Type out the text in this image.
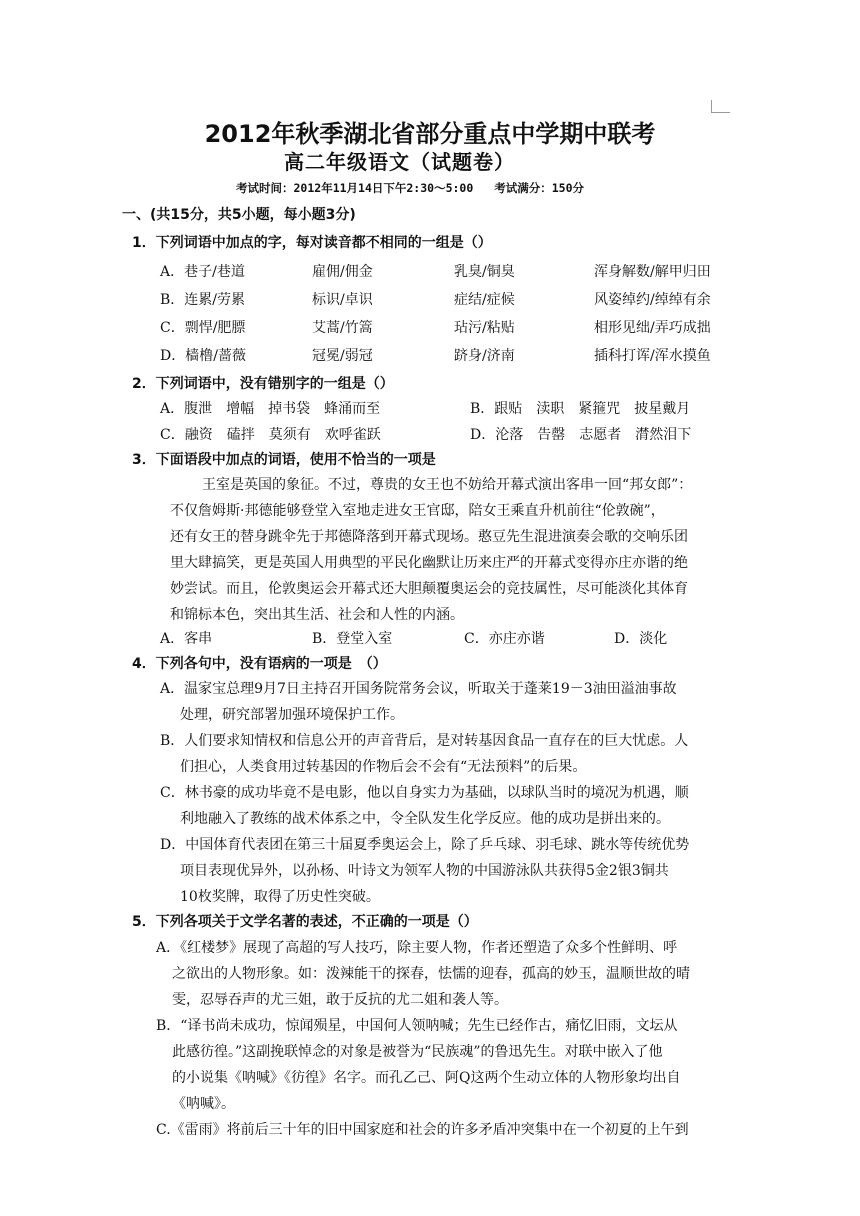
2012年秋季湖北省部分重点中学期中联考
高二年级语文（试题卷）
考试时间：2012年11月14日下午2:30～5:00 考试满分：150分
一、(共15分，共5小题，每小题3分)
1．下列词语中加点的字，每对读音都不相同的一组是（）
A．巷子/巷道	雇佣/佣金	乳臭/铜臭	浑身解数/解甲归田
B．连累/劳累	标识/卓识	症结/症候	风姿绰约/绰绰有余
C．剽悍/肥膘	艾蒿/竹篙	玷污/粘贴	相形见绌/弄巧成拙
D．樯橹/蔷薇	冠冕/弱冠	跻身/济南	插科打诨/浑水摸鱼
2．下列词语中，没有错别字的一组是（）
A．腹泄　增幅　掉书袋　蜂涌而至	B．跟贴　渎职　紧箍咒　披星戴月
C．融资　磕拌　莫须有　欢呼雀跃	D．沦落　告罄　志愿者　潸然泪下
3．下面语段中加点的词语，使用不恰当的一项是
王室是英国的象征。不过，尊贵的女王也不妨给开幕式演出客串一回“邦女郎”：
不仅詹姆斯·邦德能够登堂入室地走进女王官邸，陪女王乘直升机前往“伦敦碗”，
还有女王的替身跳伞先于邦德降落到开幕式现场。憨豆先生混进演奏会歌的交响乐团
里大肆搞笑，更是英国人用典型的平民化幽默让历来庄严的开幕式变得亦庄亦谐的绝
妙尝试。而且，伦敦奥运会开幕式还大胆颠覆奥运会的竞技属性，尽可能淡化其体育
和锦标本色，突出其生活、社会和人性的内涵。
A．客串	B．登堂入室	C．亦庄亦谐	D．淡化
4．下列各句中，没有语病的一项是　（）
A．温家宝总理9月7日主持召开国务院常务会议，听取关于蓬莱19－3油田溢油事故
处理，研究部署加强环境保护工作。
B．人们要求知情权和信息公开的声音背后，是对转基因食品一直存在的巨大忧虑。人
们担心，人类食用过转基因的作物后会不会有“无法预料”的后果。
C．林书豪的成功毕竟不是电影，他以自身实力为基础，以球队当时的境况为机遇，顺
利地融入了教练的战术体系之中，令全队发生化学反应。他的成功是拼出来的。
D．中国体育代表团在第三十届夏季奥运会上，除了乒乓球、羽毛球、跳水等传统优势
项目表现优异外，以孙杨、叶诗文为领军人物的中国游泳队共获得5金2银3铜共
10枚奖牌，取得了历史性突破。
5．下列各项关于文学名著的表述，不正确的一项是（）
A．《红楼梦》展现了高超的写人技巧，除主要人物，作者还塑造了众多个性鲜明、呼
之欲出的人物形象。如：泼辣能干的探春，怯懦的迎春，孤高的妙玉，温顺世故的晴
雯，忍辱吞声的尤三姐，敢于反抗的尤二姐和袭人等。
B．“译书尚未成功，惊闻殒星，中国何人领呐喊；先生已经作古，痛忆旧雨，文坛从
此感彷徨。”这副挽联悼念的对象是被誉为“民族魂”的鲁迅先生。对联中嵌入了他
的小说集《呐喊》《彷徨》名字。而孔乙己、阿Q这两个生动立体的人物形象均出自
《呐喊》。
C.《雷雨》将前后三十年的旧中国家庭和社会的许多矛盾冲突集中在一个初夏的上午到
